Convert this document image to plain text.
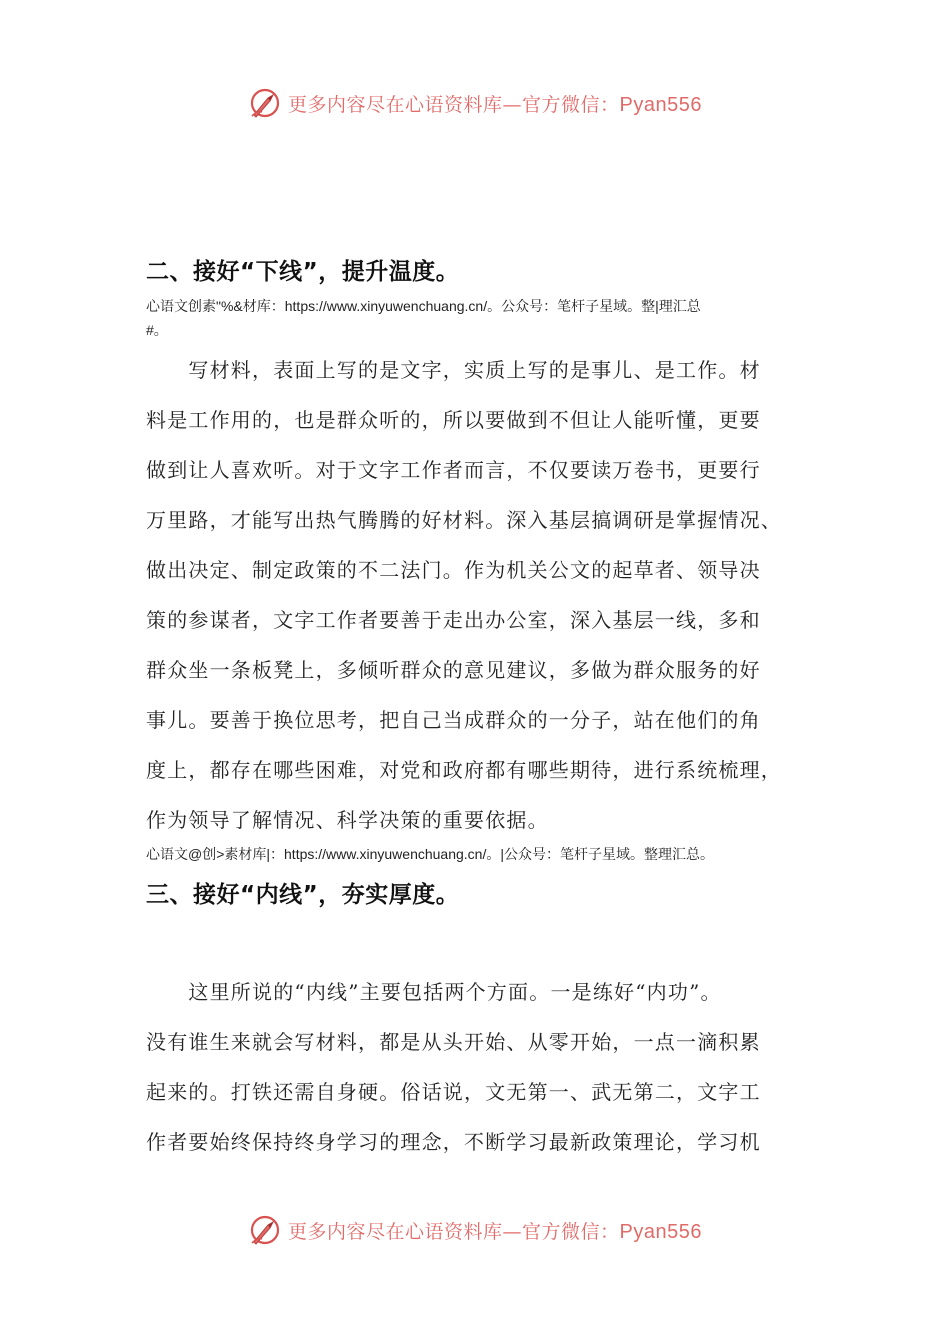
更多内容尽在心语资料库—官方微信：Pyan556
二、接好“下线”，提升温度。
心语文创素"%&材库：https://www.xinyuwenchuang.cn/。公众号：笔杆子星域。整|理汇总
#。
　　写材料，表面上写的是文字，实质上写的是事儿、是工作。材
料是工作用的，也是群众听的，所以要做到不但让人能听懂，更要
做到让人喜欢听。对于文字工作者而言，不仅要读万卷书，更要行
万里路，才能写出热气腾腾的好材料。深入基层搞调研是掌握情况、
做出决定、制定政策的不二法门。作为机关公文的起草者、领导决
策的参谋者，文字工作者要善于走出办公室，深入基层一线，多和
群众坐一条板凳上，多倾听群众的意见建议，多做为群众服务的好
事儿。要善于换位思考，把自己当成群众的一分子，站在他们的角
度上，都存在哪些困难，对党和政府都有哪些期待，进行系统梳理，
作为领导了解情况、科学决策的重要依据。
心语文@创>素材库|：https://www.xinyuwenchuang.cn/。|公众号：笔杆子星域。整理汇总。
三、接好“内线”，夯实厚度。
　　这里所说的“内线”主要包括两个方面。一是练好“内功”。
没有谁生来就会写材料，都是从头开始、从零开始，一点一滴积累
起来的。打铁还需自身硬。俗话说，文无第一、武无第二，文字工
作者要始终保持终身学习的理念，不断学习最新政策理论，学习机
更多内容尽在心语资料库—官方微信：Pyan556
